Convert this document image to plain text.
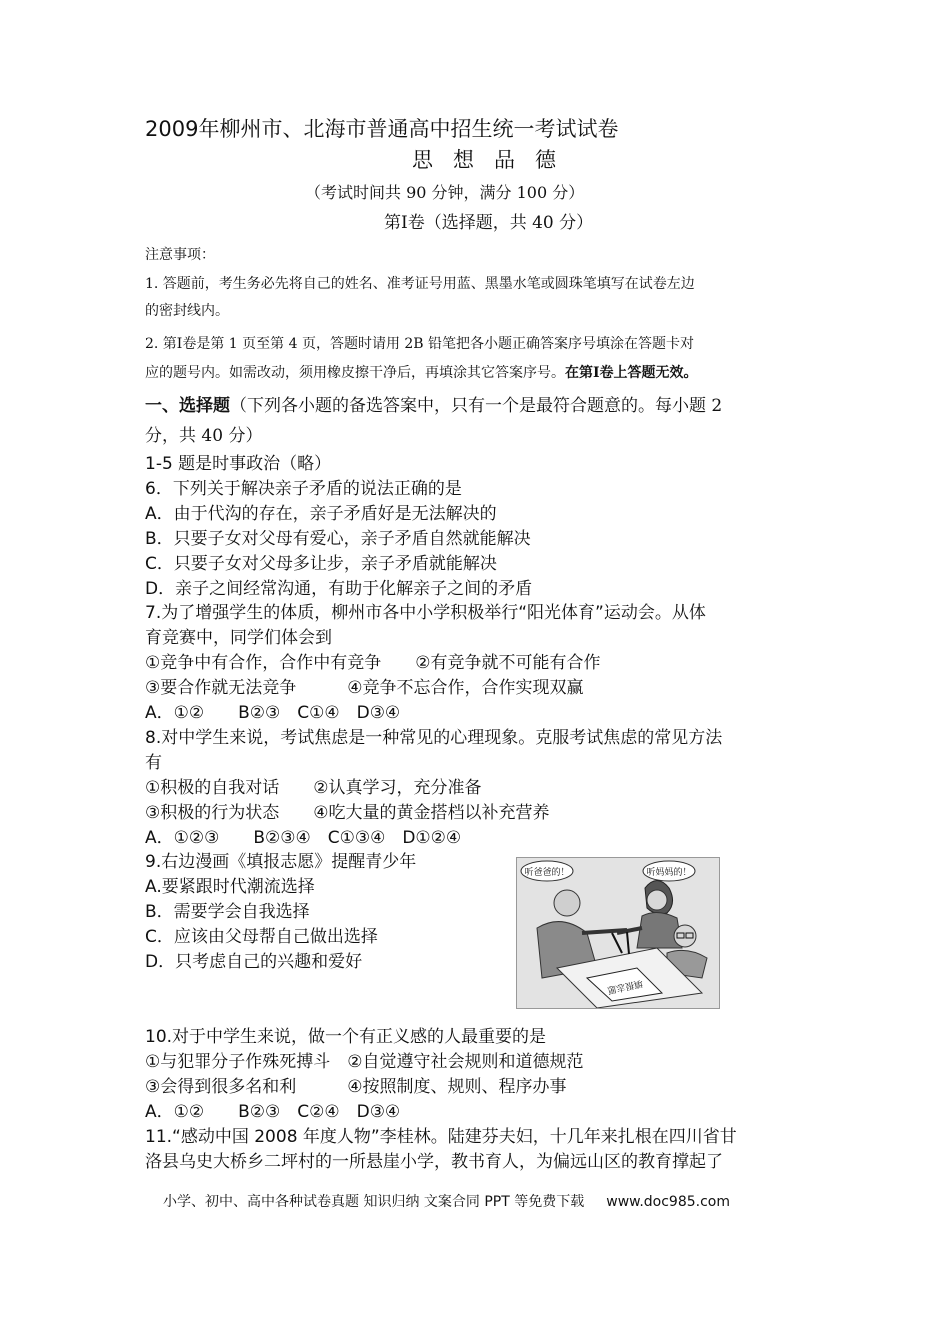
2009年柳州市、北海市普通高中招生统一考试试卷
思想品德
（考试时间共 90 分钟，满分 100 分）
第Ⅰ卷（选择题，共 40 分）
注意事项：
1. 答题前，考生务必先将自己的姓名、准考证号用蓝、黑墨水笔或圆珠笔填写在试卷左边
的密封线内。
2. 第Ⅰ卷是第 1 页至第 4 页，答题时请用 2B 铅笔把各小题正确答案序号填涂在答题卡对
应的题号内。如需改动，须用橡皮擦干净后，再填涂其它答案序号。在第Ⅰ卷上答题无效。
一、选择题（下列各小题的备选答案中，只有一个是最符合题意的。每小题 2
分，共 40 分）
1-5 题是时事政治（略）
6．下列关于解决亲子矛盾的说法正确的是
A．由于代沟的存在，亲子矛盾好是无法解决的
B．只要子女对父母有爱心，亲子矛盾自然就能解决
C．只要子女对父母多让步，亲子矛盾就能解决
D．亲子之间经常沟通，有助于化解亲子之间的矛盾
7.为了增强学生的体质，柳州市各中小学积极举行“阳光体育”运动会。从体
育竞赛中，同学们体会到
①竞争中有合作，合作中有竞争　　②有竞争就不可能有合作
③要合作就无法竞争　　　④竞争不忘合作，合作实现双赢
A．①②　　B②③　C①④　D③④
8.对中学生来说，考试焦虑是一种常见的心理现象。克服考试焦虑的常见方法
有
①积极的自我对话　　②认真学习，充分准备
③积极的行为状态　　④吃大量的黄金搭档以补充营养
A．①②③　　B②③④　C①③④　D①②④
9.右边漫画《填报志愿》提醒青少年
A.要紧跟时代潮流选择
B．需要学会自我选择
C．应该由父母帮自己做出选择
D．只考虑自己的兴趣和爱好
听爸爸的！	听妈妈的！
填报志愿
10.对于中学生来说，做一个有正义感的人最重要的是
①与犯罪分子作殊死搏斗　②自觉遵守社会规则和道德规范
③会得到很多名和利　　　④按照制度、规则、程序办事
A．①②　　B②③　C②④　D③④
11.“感动中国 2008 年度人物”李桂林。陆建芬夫妇，十几年来扎根在四川省甘
洛县乌史大桥乡二坪村的一所悬崖小学，教书育人，为偏远山区的教育撑起了
小学、初中、高中各种试卷真题 知识归纳 文案合同 PPT 等免费下载 www.doc985.com
